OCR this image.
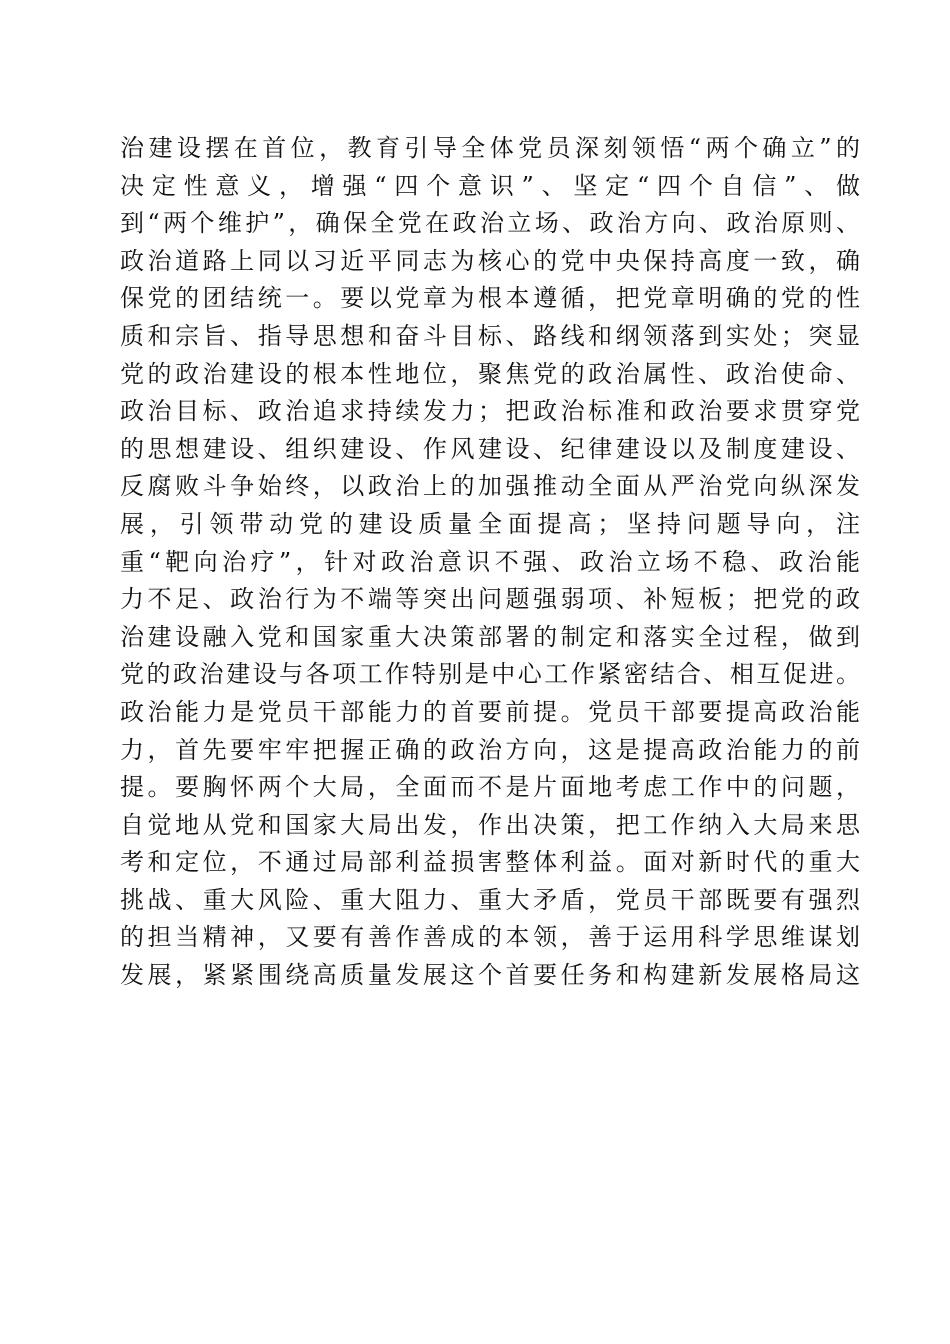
治建设摆在首位，教育引导全体党员深刻领悟“两个确立”的
决定性意义，增强“四个意识”、坚定“四个自信”、做
到“两个维护”，确保全党在政治立场、政治方向、政治原则、
政治道路上同以习近平同志为核心的党中央保持高度一致，确
保党的团结统一。要以党章为根本遵循，把党章明确的党的性
质和宗旨、指导思想和奋斗目标、路线和纲领落到实处；突显
党的政治建设的根本性地位，聚焦党的政治属性、政治使命、
政治目标、政治追求持续发力；把政治标准和政治要求贯穿党
的思想建设、组织建设、作风建设、纪律建设以及制度建设、
反腐败斗争始终，以政治上的加强推动全面从严治党向纵深发
展，引领带动党的建设质量全面提高；坚持问题导向，注
重“靶向治疗”，针对政治意识不强、政治立场不稳、政治能
力不足、政治行为不端等突出问题强弱项、补短板；把党的政
治建设融入党和国家重大决策部署的制定和落实全过程，做到
党的政治建设与各项工作特别是中心工作紧密结合、相互促进。
政治能力是党员干部能力的首要前提。党员干部要提高政治能
力，首先要牢牢把握正确的政治方向，这是提高政治能力的前
提。要胸怀两个大局，全面而不是片面地考虑工作中的问题，
自觉地从党和国家大局出发，作出决策，把工作纳入大局来思
考和定位，不通过局部利益损害整体利益。面对新时代的重大
挑战、重大风险、重大阻力、重大矛盾，党员干部既要有强烈
的担当精神，又要有善作善成的本领，善于运用科学思维谋划
发展，紧紧围绕高质量发展这个首要任务和构建新发展格局这
